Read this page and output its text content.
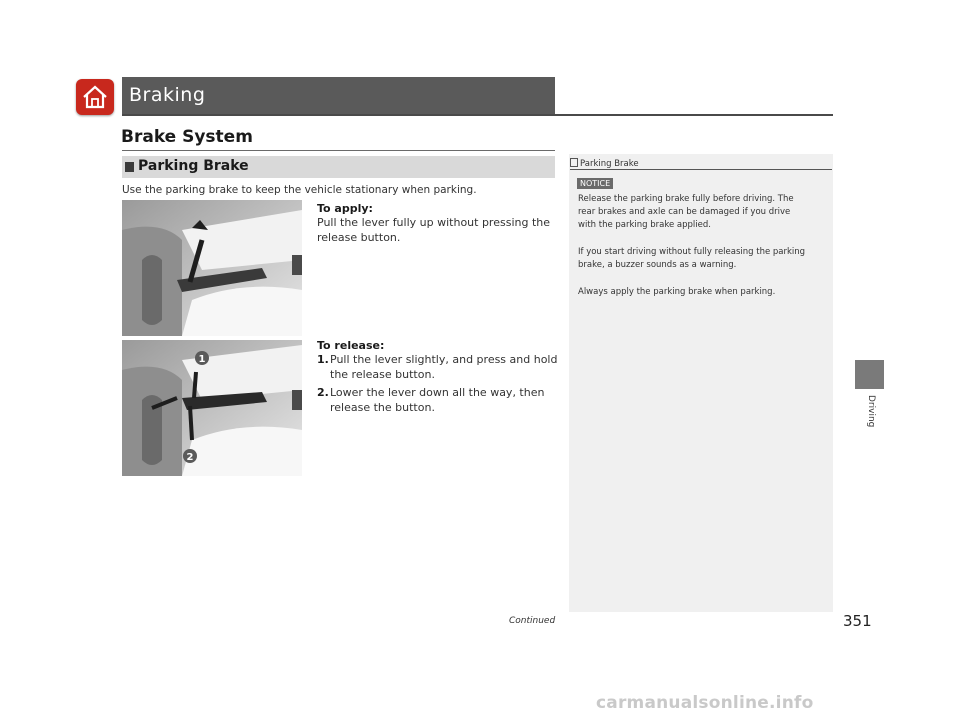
Braking
Brake System
Parking Brake
Use the parking brake to keep the vehicle stationary when parking.
To apply:
Pull the lever fully up without pressing the
release button.
1
2
To release:
1. Pull the lever slightly, and press and hold
the release button.
2. Lower the lever down all the way, then
release the button.
Parking Brake
NOTICE
Release the parking brake fully before driving. The
rear brakes and axle can be damaged if you drive
with the parking brake applied.
If you start driving without fully releasing the parking
brake, a buzzer sounds as a warning.
Always apply the parking brake when parking.
Driving
Continued	351
carmanualsonline.info
